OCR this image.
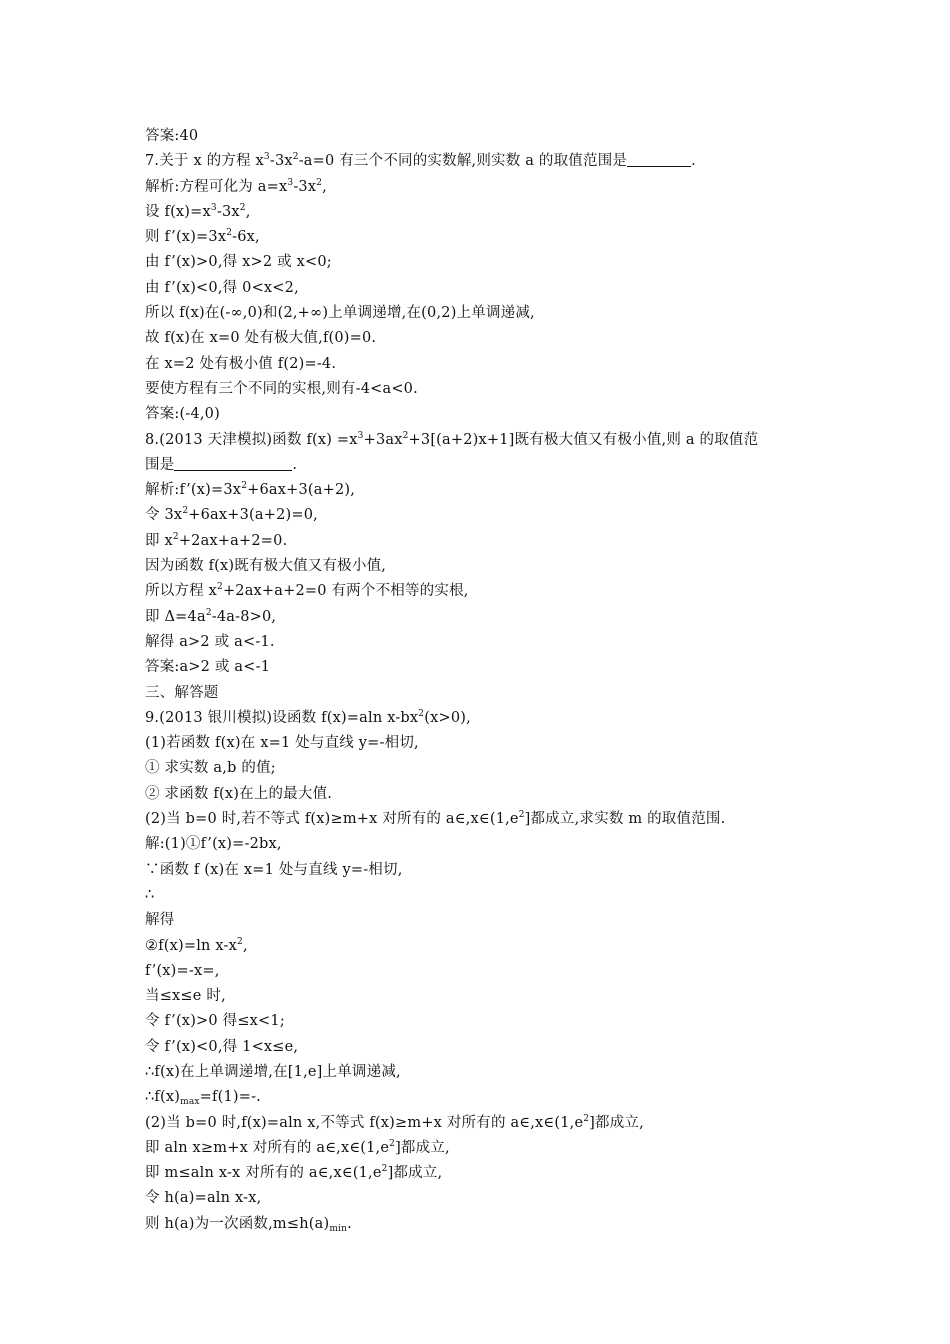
答案:40
7.关于 x 的方程 $x^3-3x^2-a=0$ 有三个不同的实数解,则实数 a 的取值范围是	.
解析:方程可化为 $a=x^3-3x^2$,
设 $f(x)=x^3-3x^2$,
则 $f’(x)=3x^2-6x$,
由 f’(x)>0,得 x>2 或 x<0;
由 f’(x)<0,得 0<x<2,
所以 f(x)在(-∞,0)和(2,+∞)上单调递增,在(0,2)上单调递减,
故 f(x)在 x=0 处有极大值,f(0)=0.
在 x=2 处有极小值 f(2)=-4.
要使方程有三个不同的实根,则有-4<a<0.
答案:(-4,0)
8.(2013 天津模拟)函数 $f(x) =x^3+3ax^2+3[(a+2)x+1]$既有极大值又有极小值,则 a 的取值范
围是	.
解析$:f’(x)=3x^2+6ax+3(a+2)$,
令 $3x^2+6ax+3(a+2)=0$,
即 $x^2+2ax+a+2=0$.
因为函数 f(x)既有极大值又有极小值,
所以方程 $x^2+2ax+a+2=0$ 有两个不相等的实根,
即 $\Delta=4a^2-4a-8>0$,
解得 a>2 或 a<-1.
答案:a>2 或 a<-1
三、解答题
9.(2013 银川模拟)设函数 f(x)=aln $x-bx^2(x>0)$,
(1)若函数 f(x)在 x=1 处与直线 y=-相切,
① 求实数 a,b 的值;
② 求函数 f(x)在上的最大值.
(2)当 b=0 时,若不等式 f(x)≥m+x 对所有的 $a\in,x\in(1,e^2]$都成立,求实数 m 的取值范围.
解:(1)①f’(x)=-2bx,
∵函数 f (x)在 x=1 处与直线 y=-相切,
∴
解得
②f(x)=ln $x-x^2$,
f’(x)=-x=,
当≤x≤e 时,
令 f’(x)>0 得≤x<1;
令 f’(x)<0,得 1<x≤e,
∴f(x)在上单调递增,在[1,e]上单调递减,
$\therefore f(x)_{max}=f(1)=-$.
(2)当 b=0 时,f(x)=aln x,不等式 f(x)≥m+x 对所有的 $a\in,x\in(1,e^2]$都成立,
即 aln x≥m+x 对所有的 $a\in,x\in(1,e^2]$都成立,
即 m≤aln x-x 对所有的 $a\in,x\in(1,e^2]$都成立,
令 h(a)=aln x-x,
则 h(a)为一次函数$,m\le h(a)_{min}$.
